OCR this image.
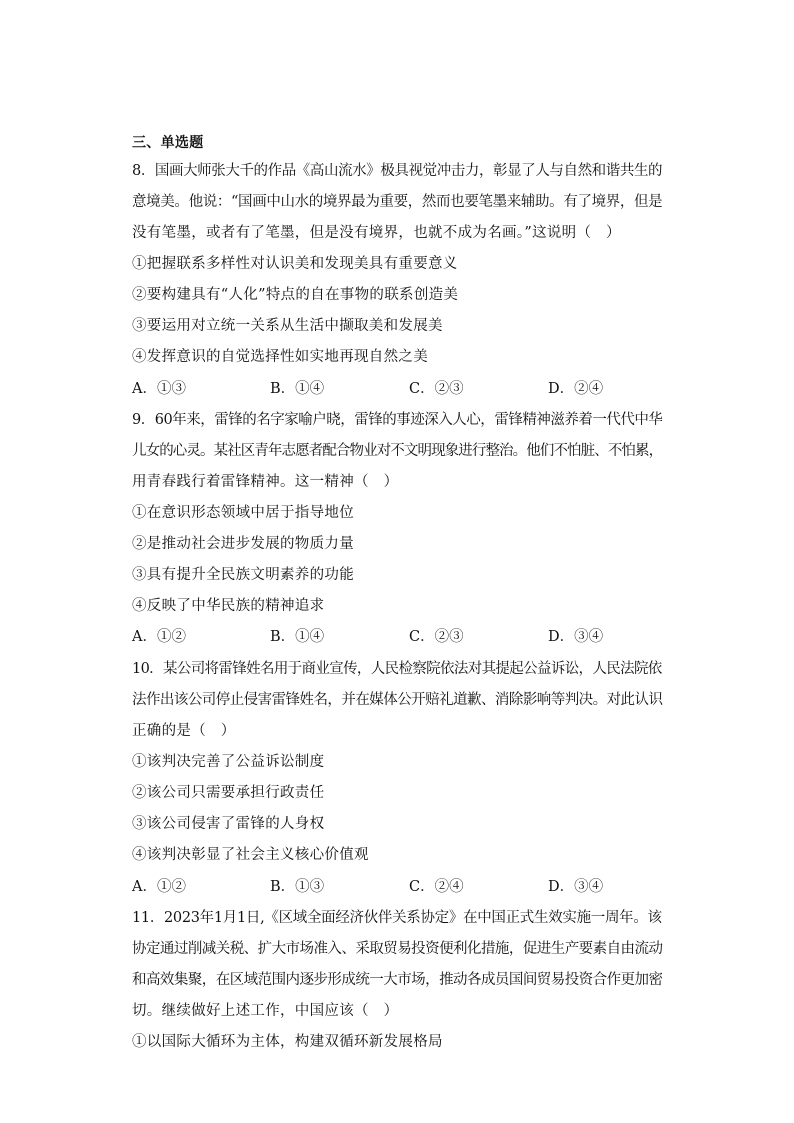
三、单选题
8．国画大师张大千的作品《高山流水》极具视觉冲击力，彰显了人与自然和谐共生的
意境美。他说：“国画中山水的境界最为重要，然而也要笔墨来辅助。有了境界，但是
没有笔墨，或者有了笔墨，但是没有境界，也就不成为名画。”这说明（　）
①把握联系多样性对认识美和发现美具有重要意义
②要构建具有“人化”特点的自在事物的联系创造美
③要运用对立统一关系从生活中撷取美和发展美
④发挥意识的自觉选择性如实地再现自然之美
A．①③	B．①④	C．②③	D．②④
9．60年来，雷锋的名字家喻户晓，雷锋的事迹深入人心，雷锋精神滋养着一代代中华
儿女的心灵。某社区青年志愿者配合物业对不文明现象进行整治。他们不怕脏、不怕累，
用青春践行着雷锋精神。这一精神（　）
①在意识形态领域中居于指导地位
②是推动社会进步发展的物质力量
③具有提升全民族文明素养的功能
④反映了中华民族的精神追求
A．①②	B．①④	C．②③	D．③④
10．某公司将雷锋姓名用于商业宣传，人民检察院依法对其提起公益诉讼，人民法院依
法作出该公司停止侵害雷锋姓名，并在媒体公开赔礼道歉、消除影响等判决。对此认识
正确的是（　）
①该判决完善了公益诉讼制度
②该公司只需要承担行政责任
③该公司侵害了雷锋的人身权
④该判决彰显了社会主义核心价值观
A．①②	B．①③	C．②④	D．③④
11．2023年1月1日,《区域全面经济伙伴关系协定》在中国正式生效实施一周年。该
协定通过削减关税、扩大市场准入、采取贸易投资便利化措施，促进生产要素自由流动
和高效集聚，在区域范围内逐步形成统一大市场，推动各成员国间贸易投资合作更加密
切。继续做好上述工作，中国应该（　）
①以国际大循环为主体，构建双循环新发展格局
